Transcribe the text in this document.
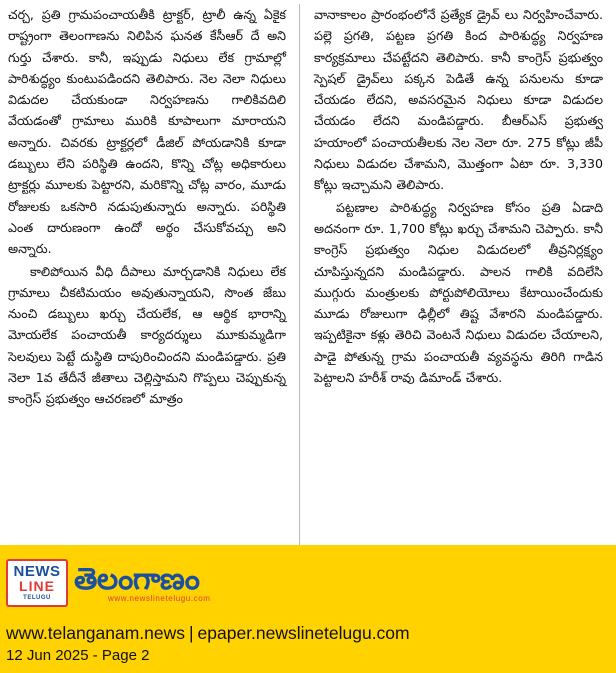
చర్చ, ప్రతి గ్రామపంచాయతీకి ట్రాక్టర్, ట్రాలీ ఉన్న ఏకైక రాష్ట్రంగా తెలంగాణను నిలిపిన ఘనత కేసీఆర్ దే అని గుర్తు చేశారు. కానీ, ఇప్పుడు నిధులు లేక గ్రామాల్లో పారిశుద్ధ్యం కుంటుపడిందని తెలిపారు. నెల నెలా నిధులు విడుదల చేయకుండా నిర్వహణను గాలికివదిలి వేయడంతో గ్రామాలు మురికి కూపాలుగా మారాయని అన్నారు. చివరకు ట్రాక్టర్లలో డీజిల్ పోయడానికి కూడా డబ్బులు లేని పరిస్థితి ఉందని, కొన్ని చోట్ల అధికారులు ట్రాక్టర్లు మూలకు పెట్టారని, మరికొన్ని చోట్ల వారం, మూడు రోజులకు ఒకసారి నడుపుతున్నారు అన్నారు. పరిస్థితి ఎంత దారుణంగా ఉందో అర్థం చేసుకోవచ్చు అని అన్నారు.

కాలిపోయిన వీధి దీపాలు మార్చడానికి నిధులు లేక గ్రామాలు చీకటిమయం అవుతున్నాయని, సొంత జేబు నుంచి డబ్బులు ఖర్చు చేయలేక, ఆ ఆర్థిక భారాన్ని మోయలేక పంచాయతీ కార్యదర్శులు మూకుమ్మడిగా సెలవులు పెట్టే దుస్థితి దాపురించిందని మండిపడ్డారు. ప్రతి నెలా 1వ తేదీనే జీతాలు చెల్లిస్తామని గొప్పలు చెప్పుకున్న కాంగ్రెస్ ప్రభుత్వం ఆచరణలో మాత్రం

వానాకాలం ప్రారంభంలోనే ప్రత్యేక డ్రైవ్ లు నిర్వహించేవారు. పల్లె ప్రగతి, పట్టణ ప్రగతి కింద పారిశుద్ధ్య నిర్వహణ కార్యక్రమాలు చేపట్టేదని తెలిపారు. కానీ కాంగ్రెస్ ప్రభుత్వం స్పెషల్ డ్రైవ్‌లు పక్కన పెడితే ఉన్న పనులను కూడా చేయడం లేదని, అవసరమైన నిధులు కూడా విడుదల చేయడం లేదని మండిపడ్డారు. బీఆర్ఎస్ ప్రభుత్వ హయాంలో పంచాయతీలకు నెల నెలా రూ. 275 కోట్లు జీపీ నిధులు విడుదల చేశామని, మొత్తంగా ఏటా రూ. 3,330 కోట్లు ఇచ్చామని తెలిపారు.

పట్టణాల పారిశుద్ధ్య నిర్వహణ కోసం ప్రతి ఏడాది అదనంగా రూ. 1,700 కోట్లు ఖర్చు చేశామని చెప్పారు. కానీ కాంగ్రెస్ ప్రభుత్వం నిధుల విడుదలలో తీవ్రనిర్లక్ష్యం చూపిస్తున్నదని మండిపడ్డారు. పాలన గాలికి వదిలేసి ముగ్గురు మంత్రులకు పోర్టుపోలియోలు కేటాయించేందుకు మూడు రోజులుగా ఢిల్లీలో తిష్ట వేశారని మండిపడ్డారు. ఇప్పటికైనా కళ్లు తెరిచి వెంటనే నిధులు విడుదల చేయాలని, పాడై పోతున్న గ్రామ పంచాయతీ వ్యవస్థను తిరిగి గాడిన పెట్టాలని హరీశ్ రావు డిమాండ్ చేశారు.

NEWS
LINE
TELUGU
తెలంగాణం
www.newslinetelugu.com
www.telanganam.news | epaper.newslinetelugu.com
12 Jun 2025 - Page 2
